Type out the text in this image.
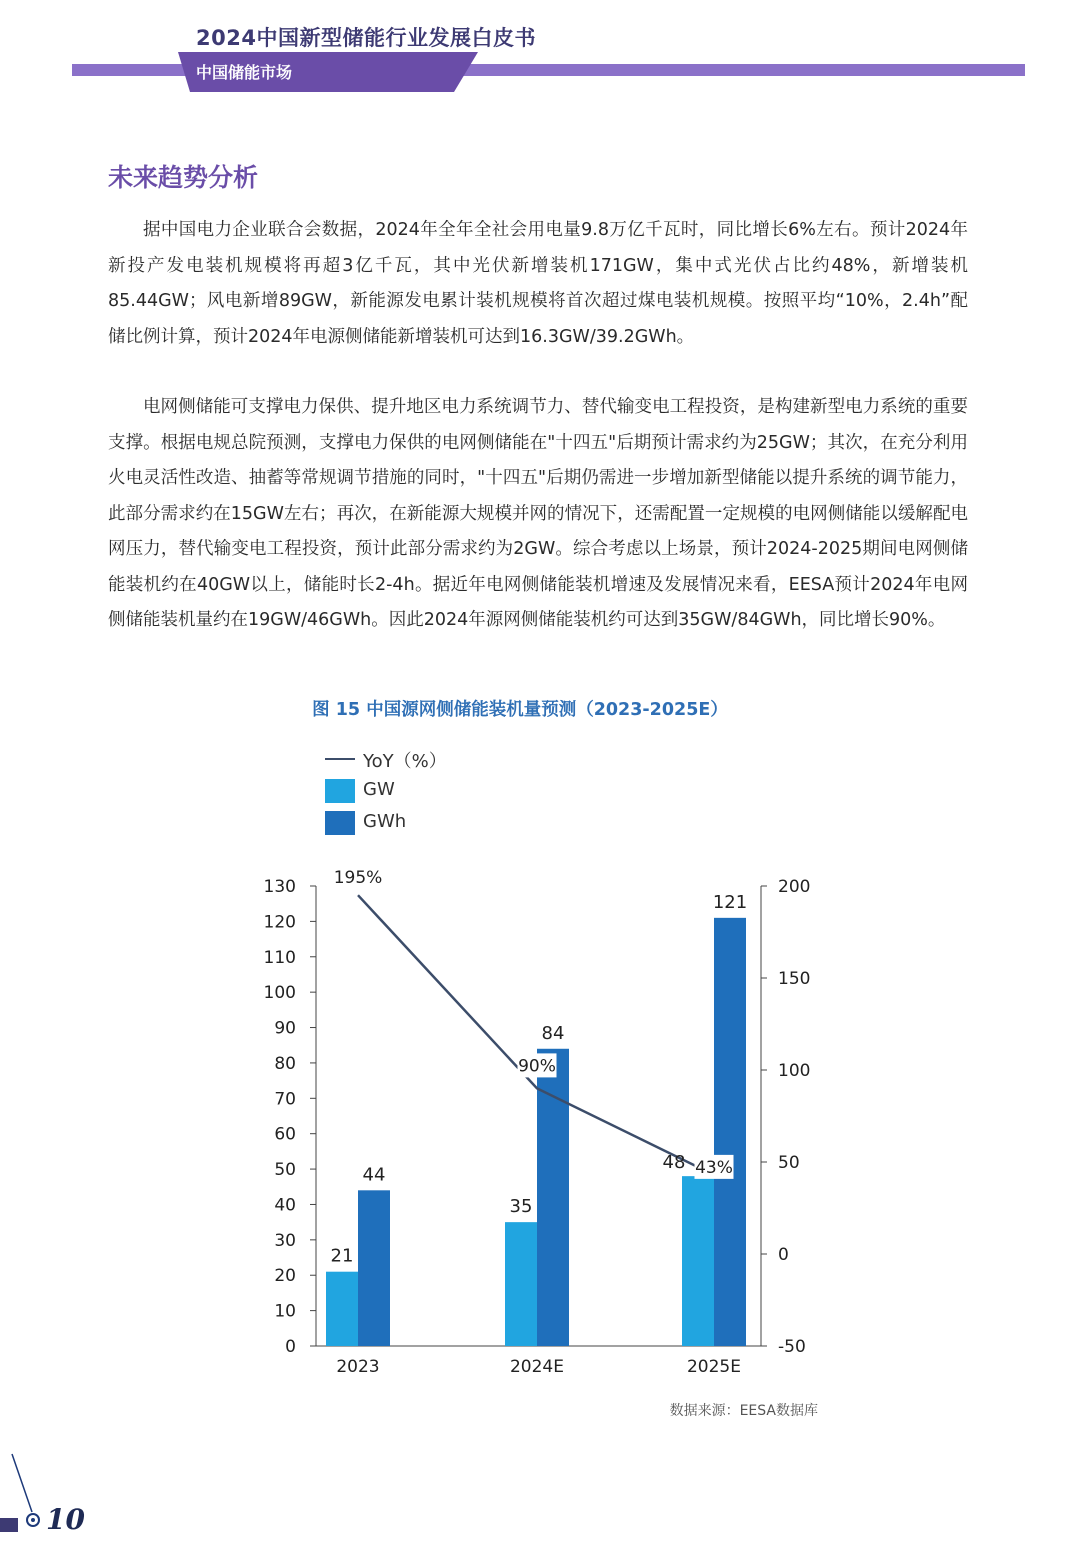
2024中国新型储能行业发展白皮书
中国储能市场
未来趋势分析

据中国电力企业联合会数据，2024年全年全社会用电量9.8万亿千瓦时，同比增长6%左右。预计2024年新投产发电装机规模将再超3亿千瓦，其中光伏新增装机171GW，集中式光伏占比约48%，新增装机85.44GW；风电新增89GW，新能源发电累计装机规模将首次超过煤电装机规模。按照平均“10%，2.4h”配储比例计算，预计2024年电源侧储能新增装机可达到16.3GW/39.2GWh。

电网侧储能可支撑电力保供、提升地区电力系统调节力、替代输变电工程投资，是构建新型电力系统的重要支撑。根据电规总院预测，支撑电力保供的电网侧储能在"十四五"后期预计需求约为25GW；其次，在充分利用火电灵活性改造、抽蓄等常规调节措施的同时，"十四五"后期仍需进一步增加新型储能以提升系统的调节能力，此部分需求约在15GW左右；再次，在新能源大规模并网的情况下，还需配置一定规模的电网侧储能以缓解配电网压力，替代输变电工程投资，预计此部分需求约为2GW。综合考虑以上场景，预计2024-2025期间电网侧储能装机约在40GW以上，储能时长2-4h。据近年电网侧储能装机增速及发展情况来看，EESA预计2024年电网侧储能装机量约在19GW/46GWh。因此2024年源网侧储能装机约可达到35GW/84GWh，同比增长90%。

图 15 中国源网侧储能装机量预测（2023-2025E）
YoY（%）
GW
GWh
0
10
20
30
40
50
60
70
80
90
100
110
120
130
-50
0
50
100
150
200
2023	2024E	2025E
21
35
48
44
84
121
195%
90%
43%
数据来源：EESA数据库
10
